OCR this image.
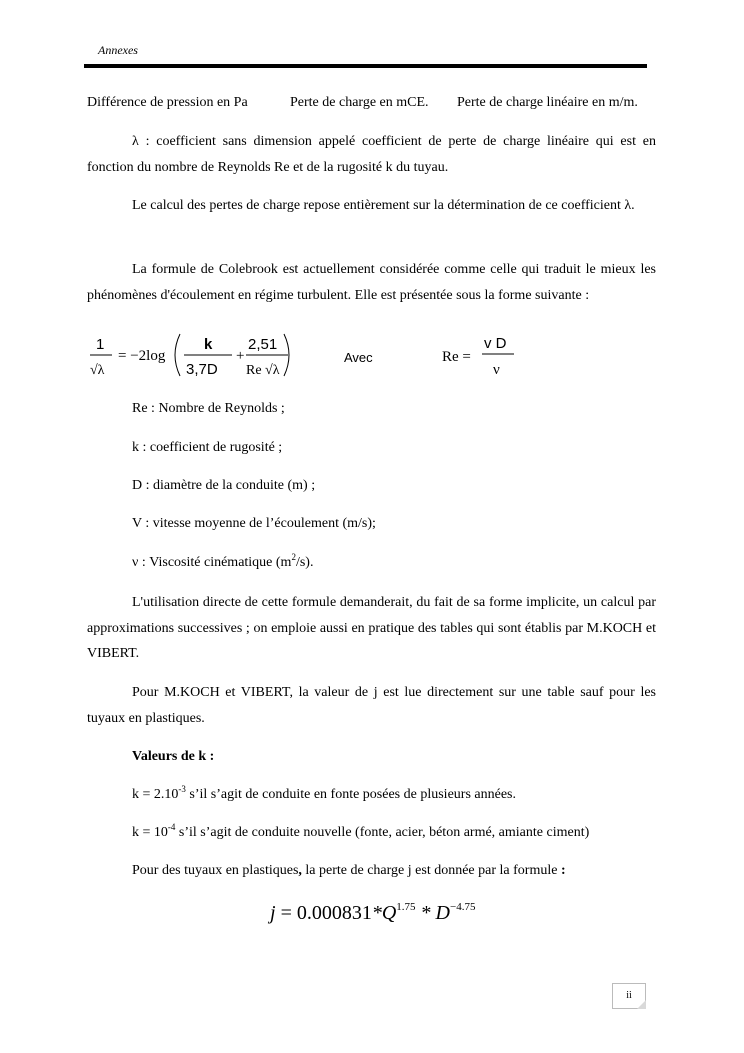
Annexes
Différence de pression en Pa	Perte de charge en mCE. Perte de charge linéaire en m/m.
λ : coefficient sans dimension appelé coefficient de perte de charge linéaire qui est en fonction du nombre de Reynolds Re et de la rugosité k du tuyau.
Le calcul des pertes de charge repose entièrement sur la détermination de ce coefficient λ.
La formule de Colebrook est actuellement considérée comme celle qui traduit le mieux les phénomènes d'écoulement en régime turbulent. Elle est présentée sous la forme suivante :
1
√λ
= −2log
k
3,7D
+
2,51
Re √λ
Avec	Re =
v D
ν
Re : Nombre de Reynolds ;
k : coefficient de rugosité ;
D : diamètre de la conduite (m) ;
V : vitesse moyenne de l’écoulement (m/s);
ν : Viscosité cinématique $(m^2/s)$.
L'utilisation directe de cette formule demanderait, du fait de sa forme implicite, un calcul par approximations successives ; on emploie aussi en pratique des tables qui sont établis par M.KOCH et VIBERT.
Pour M.KOCH et VIBERT, la valeur de j est lue directement sur une table sauf pour les tuyaux en plastiques.
Valeurs de k :
$k = 2.10^{-3}$ s’il s’agit de conduite en fonte posées de plusieurs années.
$k = 10^{-4}$ s’il s’agit de conduite nouvelle (fonte, acier, béton armé, amiante ciment)
Pour des tuyaux en plastiques, la perte de charge j est donnée par la formule :
$j = 0.000831*Q^{1.75} * D^{-4.75}$
ii
